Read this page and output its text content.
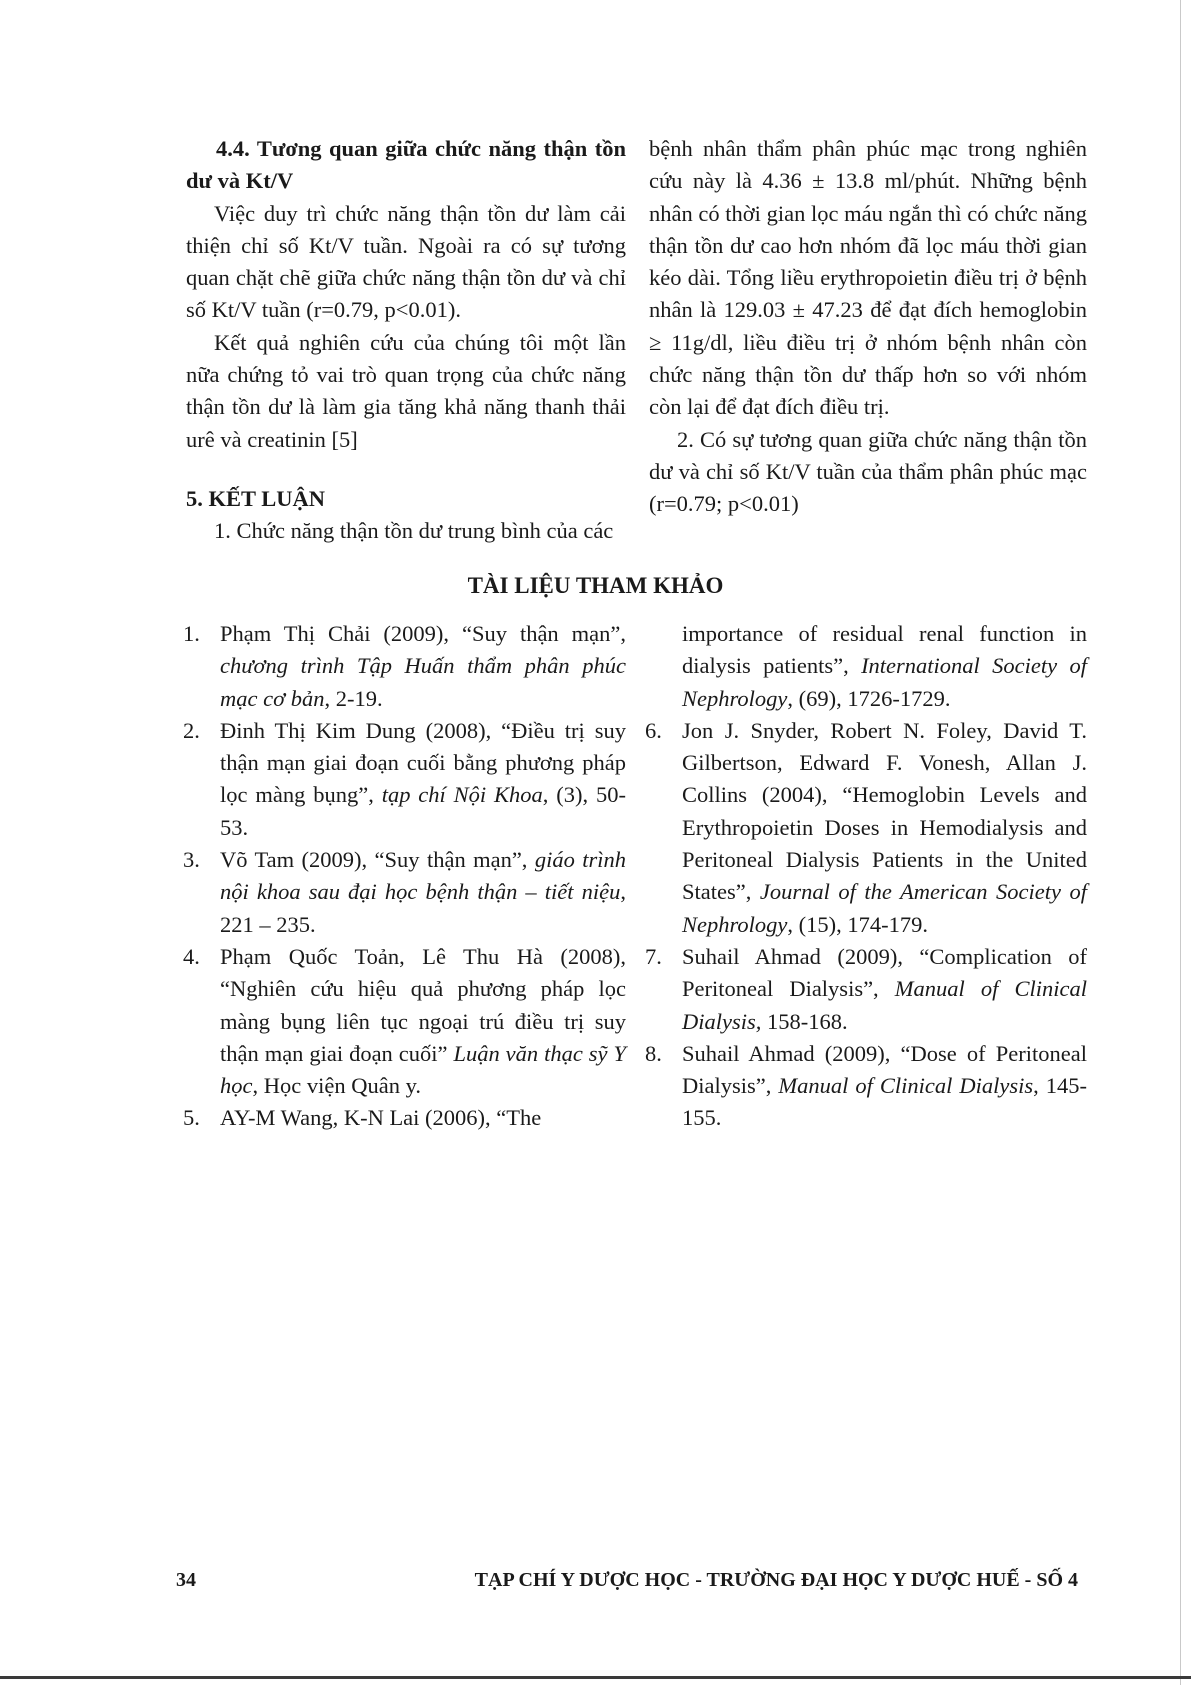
4.4. Tương quan giữa chức năng thận tồn dư và Kt/V

Việc duy trì chức năng thận tồn dư làm cải thiện chỉ số Kt/V tuần. Ngoài ra có sự tương quan chặt chẽ giữa chức năng thận tồn dư và chỉ số Kt/V tuần (r=0.79, p<0.01).

Kết quả nghiên cứu của chúng tôi một lần nữa chứng tỏ vai trò quan trọng của chức năng thận tồn dư là làm gia tăng khả năng thanh thải urê và creatinin [5]

5. KẾT LUẬN

1. Chức năng thận tồn dư trung bình của các

bệnh nhân thẩm phân phúc mạc trong nghiên cứu này là 4.36 ± 13.8 ml/phút. Những bệnh nhân có thời gian lọc máu ngắn thì có chức năng thận tồn dư cao hơn nhóm đã lọc máu thời gian kéo dài. Tổng liều erythropoietin điều trị ở bệnh nhân là 129.03 ± 47.23 để đạt đích hemoglobin ≥ 11g/dl, liều điều trị ở nhóm bệnh nhân còn chức năng thận tồn dư thấp hơn so với nhóm còn lại để đạt đích điều trị.

2. Có sự tương quan giữa chức năng thận tồn dư và chỉ số Kt/V tuần của thẩm phân phúc mạc (r=0.79; p<0.01)

TÀI LIỆU THAM KHẢO
1. Phạm Thị Chải (2009), “Suy thận mạn”, chương trình Tập Huấn thẩm phân phúc mạc cơ bản, 2-19.
2. Đinh Thị Kim Dung (2008), “Điều trị suy thận mạn giai đoạn cuối bằng phương pháp lọc màng bụng”, tạp chí Nội Khoa, (3), 50-53.
3. Võ Tam (2009), “Suy thận mạn”, giáo trình nội khoa sau đại học bệnh thận – tiết niệu, 221 – 235.
4. Phạm Quốc Toản, Lê Thu Hà (2008), “Nghiên cứu hiệu quả phương pháp lọc màng bụng liên tục ngoại trú điều trị suy thận mạn giai đoạn cuối” Luận văn thạc sỹ Y học, Học viện Quân y.
5. AY-M Wang, K-N Lai (2006), “The
importance of residual renal function in dialysis patients”, International Society of Nephrology, (69), 1726-1729.
6. Jon J. Snyder, Robert N. Foley, David T. Gilbertson, Edward F. Vonesh, Allan J. Collins (2004), “Hemoglobin Levels and Erythropoietin Doses in Hemodialysis and Peritoneal Dialysis Patients in the United States”, Journal of the American Society of Nephrology, (15), 174-179.
7. Suhail Ahmad (2009), “Complication of Peritoneal Dialysis”, Manual of Clinical Dialysis, 158-168.
8. Suhail Ahmad (2009), “Dose of Peritoneal Dialysis”, Manual of Clinical Dialysis, 145-155.
34	TẠP CHÍ Y DƯỢC HỌC - TRƯỜNG ĐẠI HỌC Y DƯỢC HUẾ - SỐ 4
